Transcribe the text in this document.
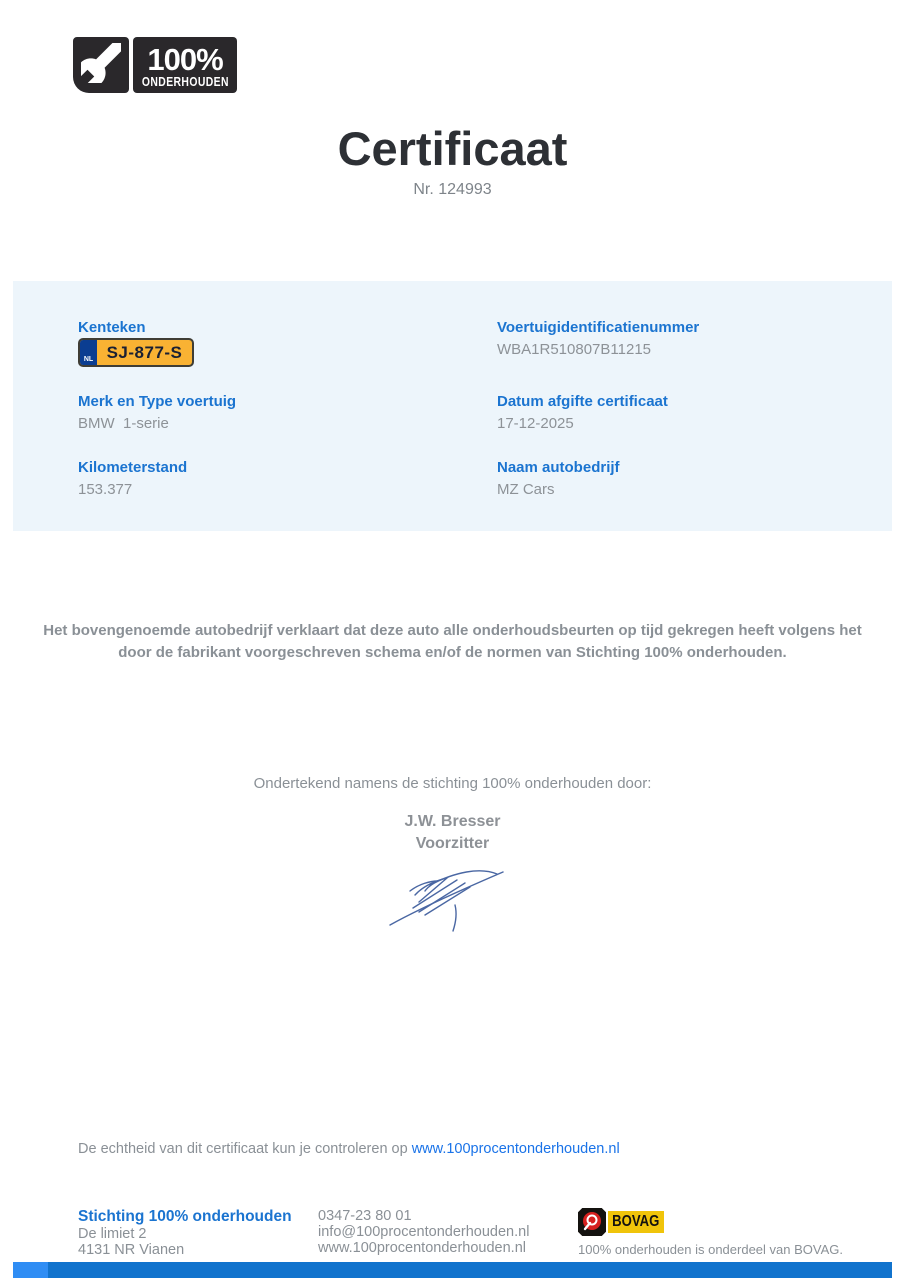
100%
ONDERHOUDEN
Certificaat
Nr. 124993
Kenteken
NL SJ-877-S
Voertuigidentificatienummer
WBA1R510807B11215
Merk en Type voertuig
BMW  1-serie
Datum afgifte certificaat
17-12-2025
Kilometerstand
153.377
Naam autobedrijf
MZ Cars
Het bovengenoemde autobedrijf verklaart dat deze auto alle onderhoudsbeurten op tijd gekregen heeft volgens het door de fabrikant voorgeschreven schema en/of de normen van Stichting 100% onderhouden.
Ondertekend namens de stichting 100% onderhouden door:
J.W. Bresser
Voorzitter
De echtheid van dit certificaat kun je controleren op www.100procentonderhouden.nl
Stichting 100% onderhouden
De limiet 2
4131 NR Vianen
0347-23 80 01
info@100procentonderhouden.nl
www.100procentonderhouden.nl
BOVAG
100% onderhouden is onderdeel van BOVAG.
